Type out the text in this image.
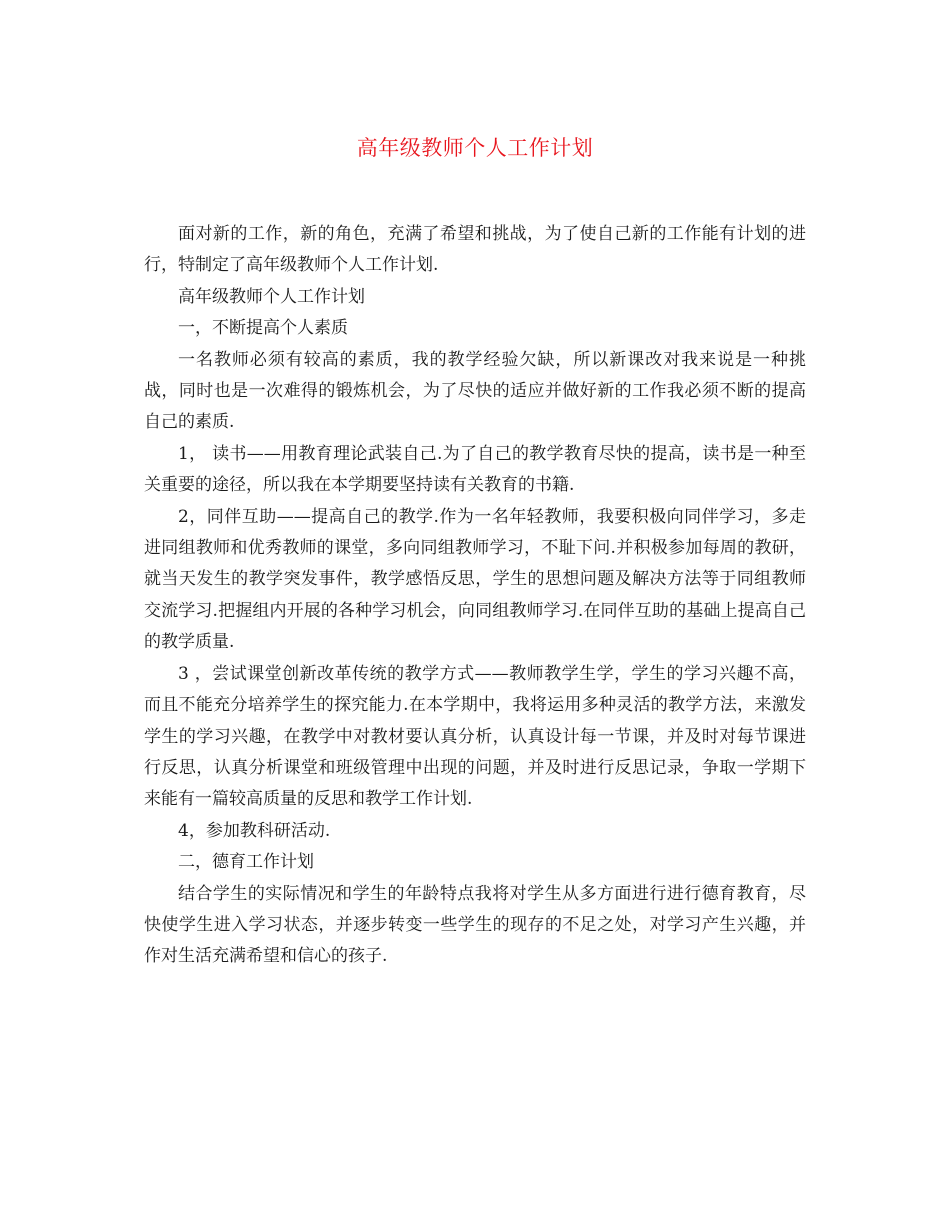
高年级教师个人工作计划

面对新的工作，新的角色，充满了希望和挑战，为了使自己新的工作能有计划的进行，特制定了高年级教师个人工作计划.

高年级教师个人工作计划

一，不断提高个人素质

一名教师必须有较高的素质，我的教学经验欠缺，所以新课改对我来说是一种挑战，同时也是一次难得的锻炼机会，为了尽快的适应并做好新的工作我必须不断的提高自己的素质.

1， 读书——用教育理论武装自己.为了自己的教学教育尽快的提高，读书是一种至关重要的途径，所以我在本学期要坚持读有关教育的书籍.

2，同伴互助——提高自己的教学.作为一名年轻教师，我要积极向同伴学习，多走进同组教师和优秀教师的课堂，多向同组教师学习，不耻下问.并积极参加每周的教研，就当天发生的教学突发事件，教学感悟反思，学生的思想问题及解决方法等于同组教师交流学习.把握组内开展的各种学习机会，向同组教师学习.在同伴互助的基础上提高自己的教学质量.

3 ，尝试课堂创新改革传统的教学方式——教师教学生学，学生的学习兴趣不高，而且不能充分培养学生的探究能力.在本学期中，我将运用多种灵活的教学方法，来激发学生的学习兴趣，在教学中对教材要认真分析，认真设计每一节课，并及时对每节课进行反思，认真分析课堂和班级管理中出现的问题，并及时进行反思记录，争取一学期下来能有一篇较高质量的反思和教学工作计划.

4，参加教科研活动.

二，德育工作计划

结合学生的实际情况和学生的年龄特点我将对学生从多方面进行进行德育教育，尽快使学生进入学习状态，并逐步转变一些学生的现存的不足之处，对学习产生兴趣，并作对生活充满希望和信心的孩子.
